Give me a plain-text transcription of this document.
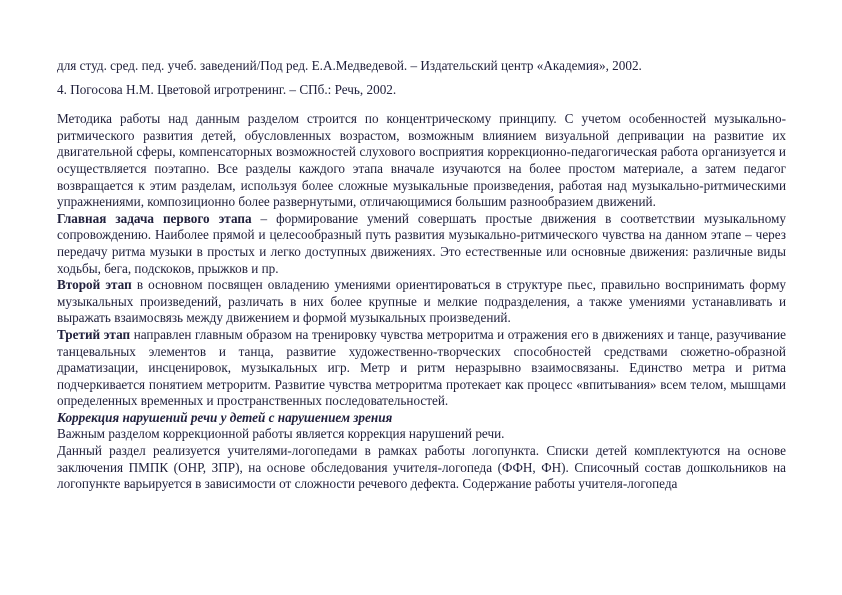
для студ. сред. пед. учеб. заведений/Под ред. Е.А.Медведевой. – Издательский центр «Академия», 2002.

4. Погосова Н.М. Цветовой игротренинг. – СПб.: Речь, 2002.

Методика работы над данным разделом строится по концентрическому принципу. С учетом особенностей музыкально-ритмического развития детей, обусловленных возрастом, возможным влиянием визуальной депривации на развитие их двигательной сферы, компенсаторных возможностей слухового восприятия коррекционно-педагогическая работа организуется и осуществляется поэтапно. Все разделы каждого этапа вначале изучаются на более простом материале, а затем педагог возвращается к этим разделам, используя более сложные музыкальные произведения, работая над музыкально-ритмическими упражнениями, композиционно более развернутыми, отличающимися большим разнообразием движений.

Главная задача первого этапа – формирование умений совершать простые движения в соответствии музыкальному сопровождению. Наиболее прямой и целесообразный путь развития музыкально-ритмического чувства на данном этапе – через передачу ритма музыки в простых и легко доступных движениях. Это естественные или основные движения: различные виды ходьбы, бега, подскоков, прыжков и пр.

Второй этап в основном посвящен овладению умениями ориентироваться в структуре пьес, правильно воспринимать форму музыкальных произведений, различать в них более крупные и мелкие подразделения, а также умениями устанавливать и выражать взаимосвязь между движением и формой музыкальных произведений.

Третий этап направлен главным образом на тренировку чувства метроритма и отражения его в движениях и танце, разучивание танцевальных элементов и танца, развитие художественно-творческих способностей средствами сюжетно-образной драматизации, инсценировок, музыкальных игр. Метр и ритм неразрывно взаимосвязаны. Единство метра и ритма подчеркивается понятием метроритм. Развитие чувства метроритма протекает как процесс «впитывания» всем телом, мышцами определенных временных и пространственных последовательностей.

Коррекция нарушений речи у детей с нарушением зрения

Важным разделом коррекционной работы является коррекция нарушений речи.

Данный раздел реализуется учителями-логопедами в рамках работы логопункта. Списки детей комплектуются на основе заключения ПМПК (ОНР, ЗПР), на основе обследования учителя-логопеда (ФФН, ФН). Списочный состав дошкольников на логопункте варьируется в зависимости от сложности речевого дефекта. Содержание работы учителя-логопеда
